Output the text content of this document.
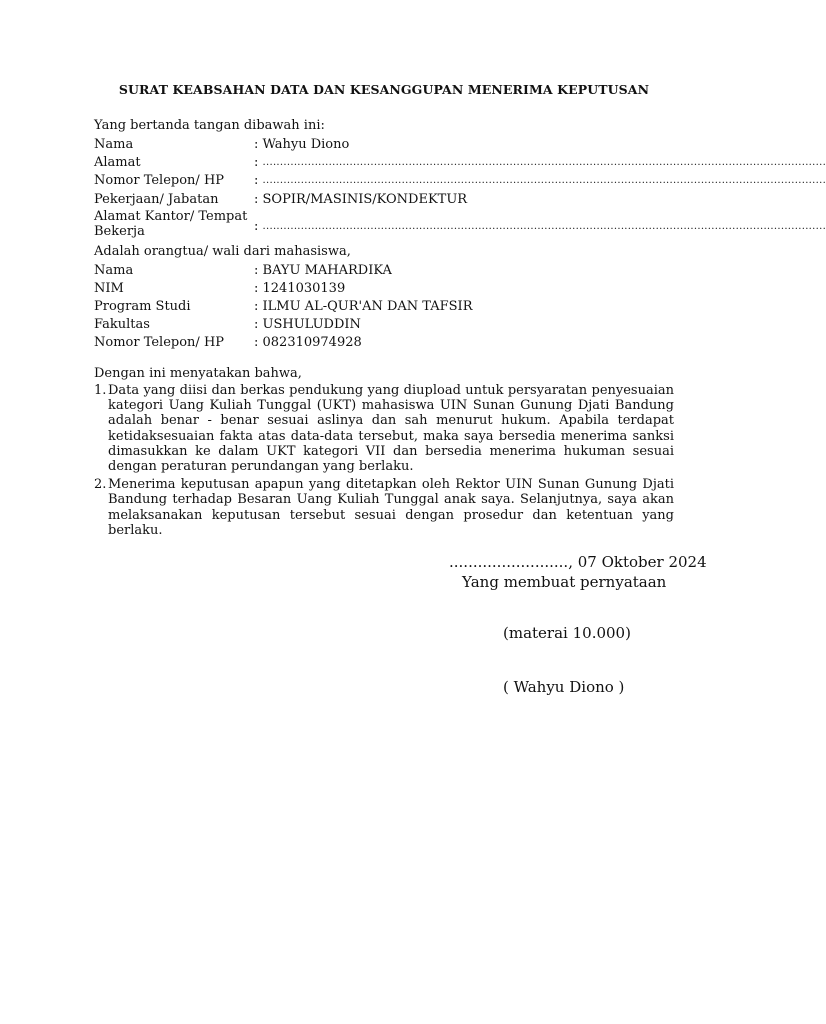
SURAT KEABSAHAN DATA DAN KESANGGUPAN MENERIMA KEPUTUSAN
Yang bertanda tangan dibawah ini:
Nama	: Wahyu Diono
Alamat	: ..................................................................................................................................................................
Nomor Telepon/ HP	: ..................................................................................................................................................................
Pekerjaan/ Jabatan	: SOPIR/MASINIS/KONDEKTUR
Alamat Kantor/ Tempat Bekerja	: ..................................................................................................................................................................
Adalah orangtua/ wali dari mahasiswa,
Nama	: BAYU MAHARDIKA
NIM	: 1241030139
Program Studi	: ILMU AL-QUR'AN DAN TAFSIR
Fakultas	: USHULUDDIN
Nomor Telepon/ HP	: 082310974928
Dengan ini menyatakan bahwa,
1. Data yang diisi dan berkas pendukung yang diupload untuk persyaratan penyesuaian kategori Uang Kuliah Tunggal (UKT) mahasiswa UIN Sunan Gunung Djati Bandung adalah benar - benar sesuai aslinya dan sah menurut hukum. Apabila terdapat ketidaksesuaian fakta atas data-data tersebut, maka saya bersedia menerima sanksi dimasukkan ke dalam UKT kategori VII dan bersedia menerima hukuman sesuai dengan peraturan perundangan yang berlaku.
2. Menerima keputusan apapun yang ditetapkan oleh Rektor UIN Sunan Gunung Djati Bandung terhadap Besaran Uang Kuliah Tunggal anak saya. Selanjutnya, saya akan melaksanakan keputusan tersebut sesuai dengan prosedur dan ketentuan yang berlaku.
........................., 07 Oktober 2024
Yang membuat pernyataan
(materai 10.000)
( Wahyu Diono )
